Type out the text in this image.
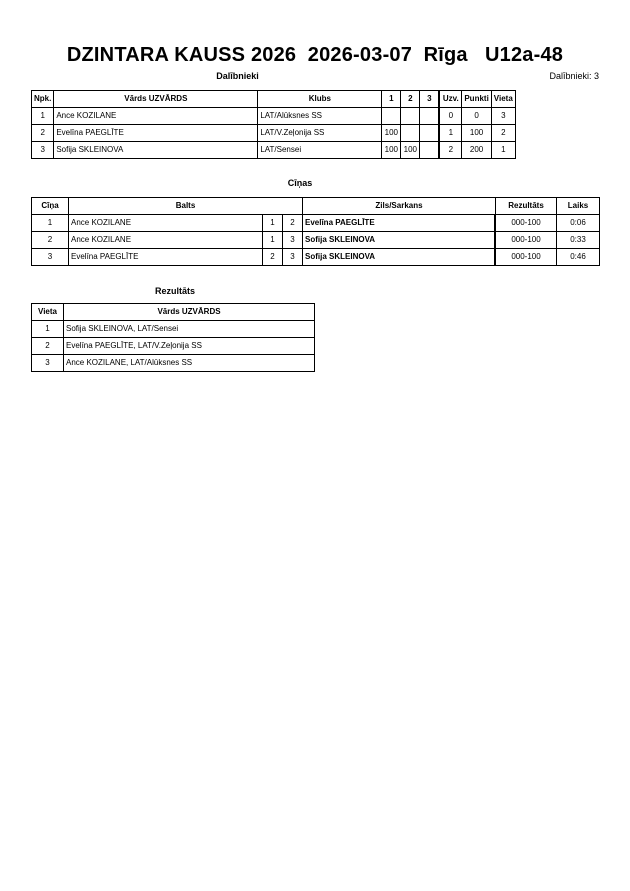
DZINTARA KAUSS 2026  2026-03-07  Rīga   U12a-48
Dalībnieki	Dalībnieki: 3
Npk.	Vārds UZVĀRDS	Klubs	1	2	3	Uzv.	Punkti	Vieta
1	Ance KOZILANE	LAT/Alūksnes SS				0	0	3
2	Evelīna PAEGLĪTE	LAT/V.Zeļonija SS	100			1	100	2
3	Sofija SKLEINOVA	LAT/Sensei	100	100		2	200	1
Cīņas
Cīņa	Balts			Zils/Sarkans	Rezultāts	Laiks
1	Ance KOZILANE	1	2	Evelīna PAEGLĪTE		000-100	0:06
2	Ance KOZILANE	1	3	Sofija SKLEINOVA		000-100	0:33
3	Evelīna PAEGLĪTE	2	3	Sofija SKLEINOVA		000-100	0:46
Rezultāts
Vieta	Vārds UZVĀRDS
1	Sofija SKLEINOVA, LAT/Sensei
2	Evelīna PAEGLĪTE, LAT/V.Zeļonija SS
3	Ance KOZILANE, LAT/Alūksnes SS
